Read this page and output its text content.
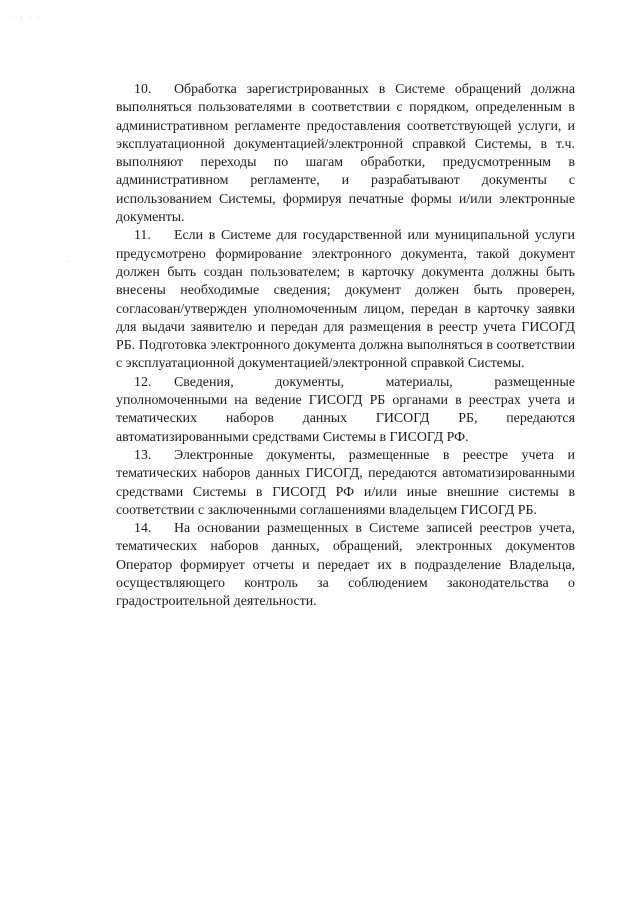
· · · ·
·

10. Обработка зарегистрированных в Системе обращений должна выполняться пользователями в соответствии с порядком, определенным в административном регламенте предоставления соответствующей услуги, и эксплуатационной документацией/электронной справкой Системы, в т.ч. выполняют переходы по шагам обработки, предусмотренным в административном регламенте, и разрабатывают документы с использованием Системы, формируя печатные формы и/или электронные документы.

11. Если в Системе для государственной или муниципальной услуги предусмотрено формирование электронного документа, такой документ должен быть создан пользователем; в карточку документа должны быть внесены необходимые сведения; документ должен быть проверен, согласован/утвержден уполномоченным лицом, передан в карточку заявки для выдачи заявителю и передан для размещения в реестр учета ГИСОГД РБ. Подготовка электронного документа должна выполняться в соответствии с эксплуатационной документацией/электронной справкой Системы.

12. Сведения, документы, материалы, размещенные уполномоченными на ведение ГИСОГД РБ органами в реестрах учета и тематических наборов данных ГИСОГД РБ, передаются автоматизированными средствами Системы в ГИСОГД РФ.

13. Электронные документы, размещенные в реестре учета и тематических наборов данных ГИСОГД, передаются автоматизированными средствами Системы в ГИСОГД РФ и/или иные внешние системы в соответствии с заключенными соглашениями владельцем ГИСОГД РБ.

14. На основании размещенных в Системе записей реестров учета, тематических наборов данных, обращений, электронных документов Оператор формирует отчеты и передает их в подразделение Владельца, осуществляющего контроль за соблюдением законодательства о градостроительной деятельности.
